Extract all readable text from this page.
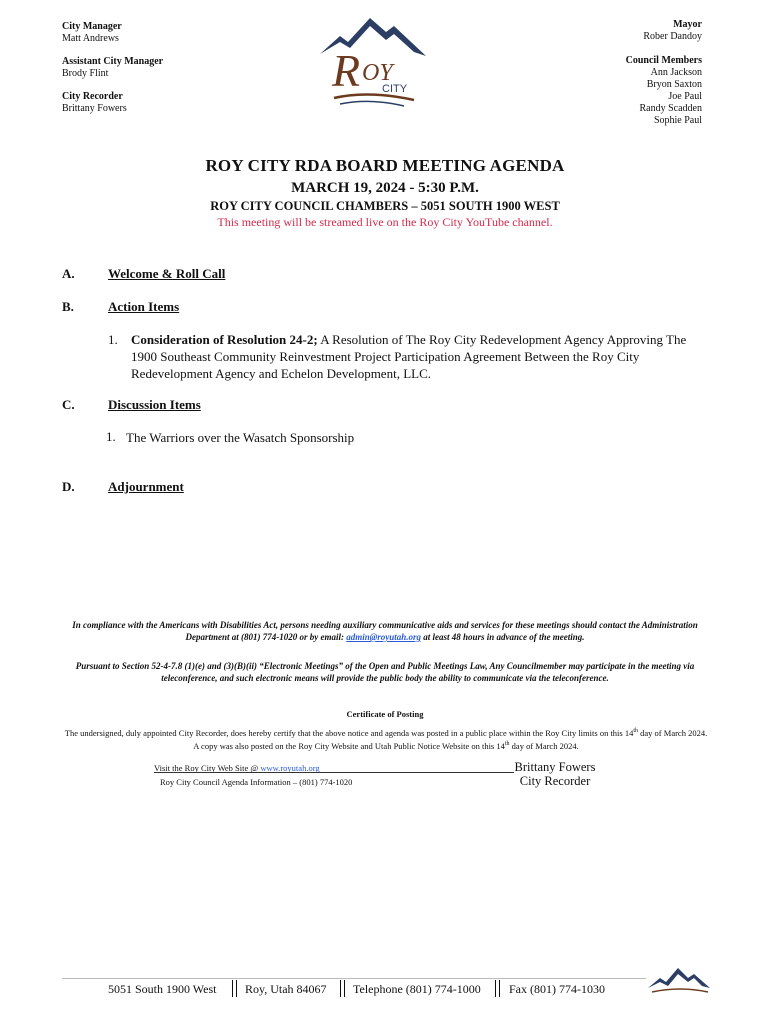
City Manager
Matt Andrews
Assistant City Manager
Brody Flint
City Recorder
Brittany Fowers
Mayor
Rober Dandoy
Council Members
Ann Jackson
Bryon Saxton
Joe Paul
Randy Scadden
Sophie Paul
R OY
CITY
ROY CITY RDA BOARD MEETING AGENDA
MARCH 19, 2024 - 5:30 P.M.
ROY CITY COUNCIL CHAMBERS – 5051 SOUTH 1900 WEST
This meeting will be streamed live on the Roy City YouTube channel.
A.	Welcome & Roll Call
B.	Action Items
1. Consideration of Resolution 24-2; A Resolution of The Roy City Redevelopment Agency Approving The 1900 Southeast Community Reinvestment Project Participation Agreement Between the Roy City Redevelopment Agency and Echelon Development, LLC.
C.	Discussion Items
1. The Warriors over the Wasatch Sponsorship
D.	Adjournment
In compliance with the Americans with Disabilities Act, persons needing auxiliary communicative aids and services for these meetings should contact the Administration Department at (801) 774-1020 or by email: admin@royutah.org at least 48 hours in advance of the meeting.
Pursuant to Section 52-4-7.8 (1)(e) and (3)(B)(ii) “Electronic Meetings” of the Open and Public Meetings Law, Any Councilmember may participate in the meeting via teleconference, and such electronic means will provide the public body the ability to communicate via the teleconference.
Certificate of Posting
The undersigned, duly appointed City Recorder, does hereby certify that the above notice and agenda was posted in a public place within the Roy City limits on this 14th day of March 2024. A copy was also posted on the Roy City Website and Utah Public Notice Website on this 14th day of March 2024.
Visit the Roy City Web Site @ www.royutah.org
Roy City Council Agenda Information – (801) 774-1020
Brittany Fowers
City Recorder
5051 South 1900 West Roy, Utah 84067 Telephone (801) 774-1000 Fax (801) 774-1030
